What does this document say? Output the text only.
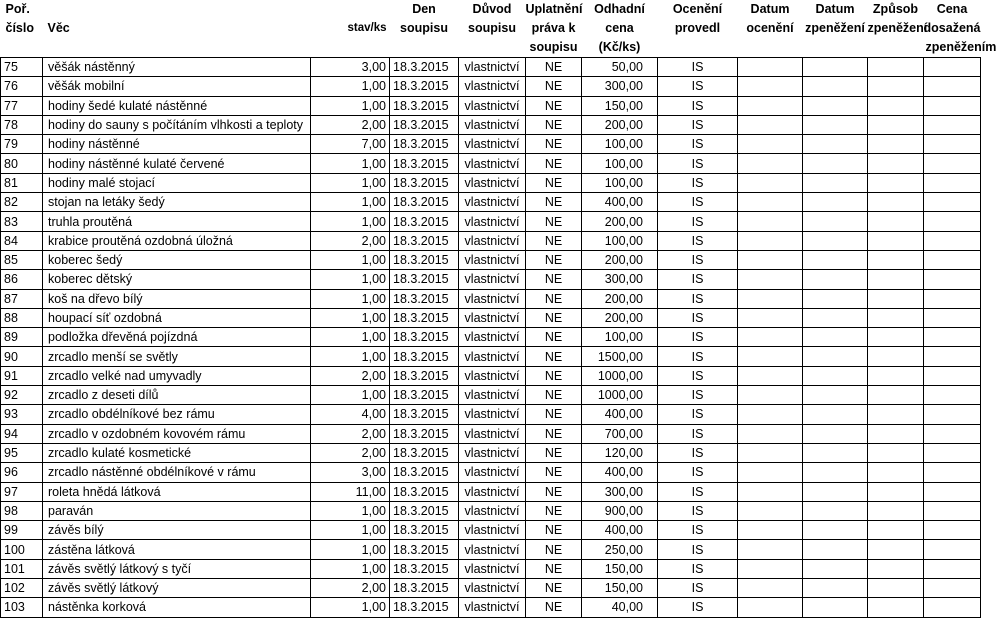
Poř.			Den	Důvod	Uplatnění	Odhadní	Ocenění	Datum	Datum	Způsob	Cena
číslo	Věc	stav/ks	soupisu	soupisu	práva k	cena	provedl	ocenění	zpeněžení	zpeněžení	dosažená
					soupisu	(Kč/ks)					zpeněžením
75	věšák nástěnný	3,00	18.3.2015	vlastnictví	NE	50,00	IS				
76	věšák mobilní	1,00	18.3.2015	vlastnictví	NE	300,00	IS				
77	hodiny šedé kulaté nástěnné	1,00	18.3.2015	vlastnictví	NE	150,00	IS				
78	hodiny do sauny s počítáním vlhkosti a teploty	2,00	18.3.2015	vlastnictví	NE	200,00	IS				
79	hodiny nástěnné	7,00	18.3.2015	vlastnictví	NE	100,00	IS				
80	hodiny nástěnné kulaté červené	1,00	18.3.2015	vlastnictví	NE	100,00	IS				
81	hodiny malé stojací	1,00	18.3.2015	vlastnictví	NE	100,00	IS				
82	stojan na letáky šedý	1,00	18.3.2015	vlastnictví	NE	400,00	IS				
83	truhla proutěná	1,00	18.3.2015	vlastnictví	NE	200,00	IS				
84	krabice proutěná ozdobná úložná	2,00	18.3.2015	vlastnictví	NE	100,00	IS				
85	koberec šedý	1,00	18.3.2015	vlastnictví	NE	200,00	IS				
86	koberec dětský	1,00	18.3.2015	vlastnictví	NE	300,00	IS				
87	koš na dřevo bílý	1,00	18.3.2015	vlastnictví	NE	200,00	IS				
88	houpací síť ozdobná	1,00	18.3.2015	vlastnictví	NE	200,00	IS				
89	podložka dřevěná pojízdná	1,00	18.3.2015	vlastnictví	NE	100,00	IS				
90	zrcadlo menší se světly	1,00	18.3.2015	vlastnictví	NE	1500,00	IS				
91	zrcadlo velké nad umyvadly	2,00	18.3.2015	vlastnictví	NE	1000,00	IS				
92	zrcadlo z deseti dílů	1,00	18.3.2015	vlastnictví	NE	1000,00	IS				
93	zrcadlo obdélníkové bez rámu	4,00	18.3.2015	vlastnictví	NE	400,00	IS				
94	zrcadlo v ozdobném kovovém rámu	2,00	18.3.2015	vlastnictví	NE	700,00	IS				
95	zrcadlo kulaté kosmetické	2,00	18.3.2015	vlastnictví	NE	120,00	IS				
96	zrcadlo nástěnné obdélníkové v rámu	3,00	18.3.2015	vlastnictví	NE	400,00	IS				
97	roleta hnědá látková	11,00	18.3.2015	vlastnictví	NE	300,00	IS				
98	paraván	1,00	18.3.2015	vlastnictví	NE	900,00	IS				
99	závěs bílý	1,00	18.3.2015	vlastnictví	NE	400,00	IS				
100	zástěna látková	1,00	18.3.2015	vlastnictví	NE	250,00	IS				
101	závěs světlý látkový s tyčí	1,00	18.3.2015	vlastnictví	NE	150,00	IS				
102	závěs světlý látkový	2,00	18.3.2015	vlastnictví	NE	150,00	IS				
103	nástěnka korková	1,00	18.3.2015	vlastnictví	NE	40,00	IS				
